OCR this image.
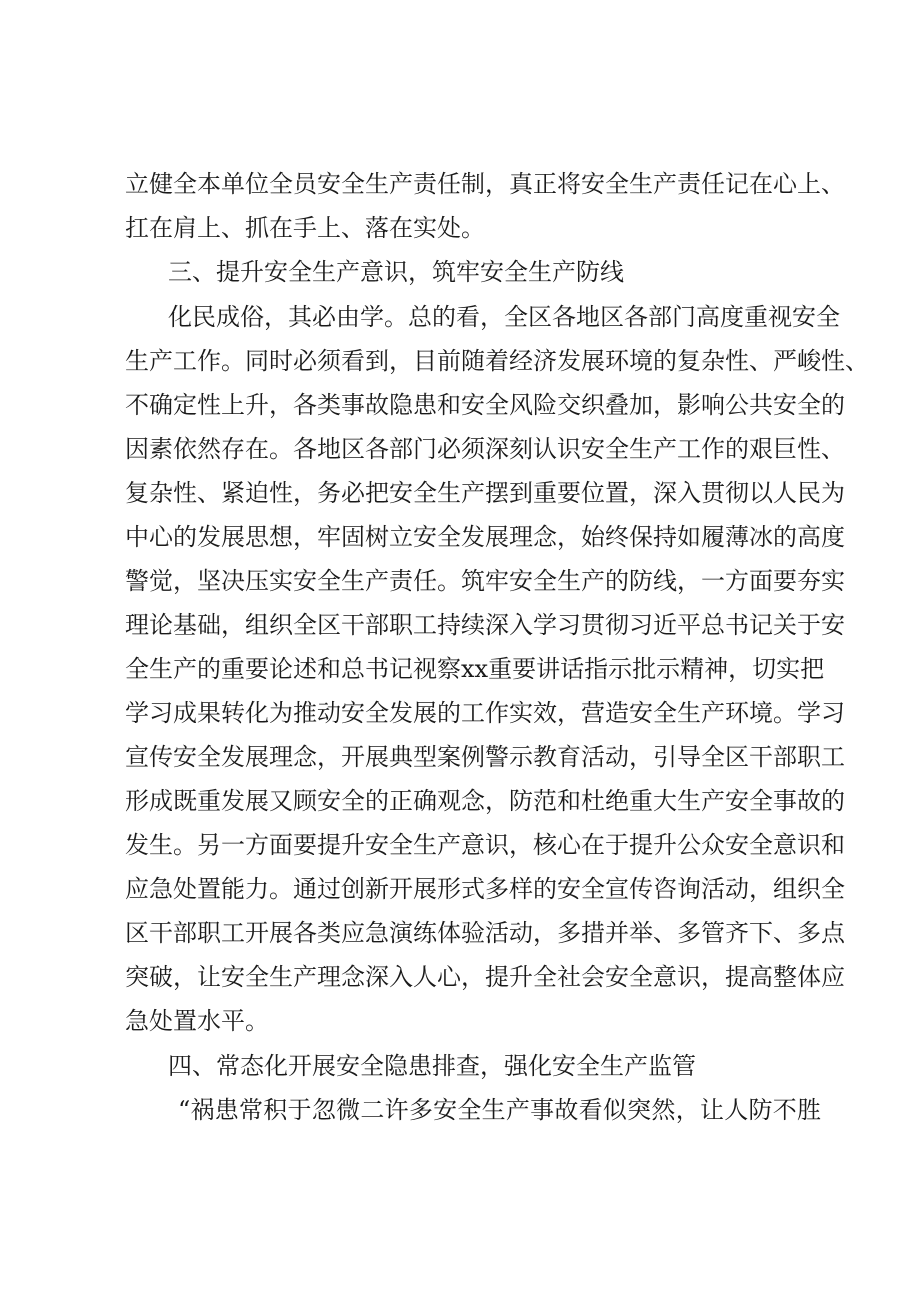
立健全本单位全员安全生产责任制，真正将安全生产责任记在心上、
扛在肩上、抓在手上、落在实处。
三、提升安全生产意识，筑牢安全生产防线
化民成俗，其必由学。总的看，全区各地区各部门高度重视安全
生产工作。同时必须看到，目前随着经济发展环境的复杂性、严峻性、
不确定性上升，各类事故隐患和安全风险交织叠加，影响公共安全的
因素依然存在。各地区各部门必须深刻认识安全生产工作的艰巨性、
复杂性、紧迫性，务必把安全生产摆到重要位置，深入贯彻以人民为
中心的发展思想，牢固树立安全发展理念，始终保持如履薄冰的高度
警觉，坚决压实安全生产责任。筑牢安全生产的防线，一方面要夯实
理论基础，组织全区干部职工持续深入学习贯彻习近平总书记关于安
全生产的重要论述和总书记视察xx重要讲话指示批示精神，切实把
学习成果转化为推动安全发展的工作实效，营造安全生产环境。学习
宣传安全发展理念，开展典型案例警示教育活动，引导全区干部职工
形成既重发展又顾安全的正确观念，防范和杜绝重大生产安全事故的
发生。另一方面要提升安全生产意识，核心在于提升公众安全意识和
应急处置能力。通过创新开展形式多样的安全宣传咨询活动，组织全
区干部职工开展各类应急演练体验活动，多措并举、多管齐下、多点
突破，让安全生产理念深入人心，提升全社会安全意识，提高整体应
急处置水平。
四、常态化开展安全隐患排查，强化安全生产监管
“祸患常积于忽微二许多安全生产事故看似突然，让人防不胜
